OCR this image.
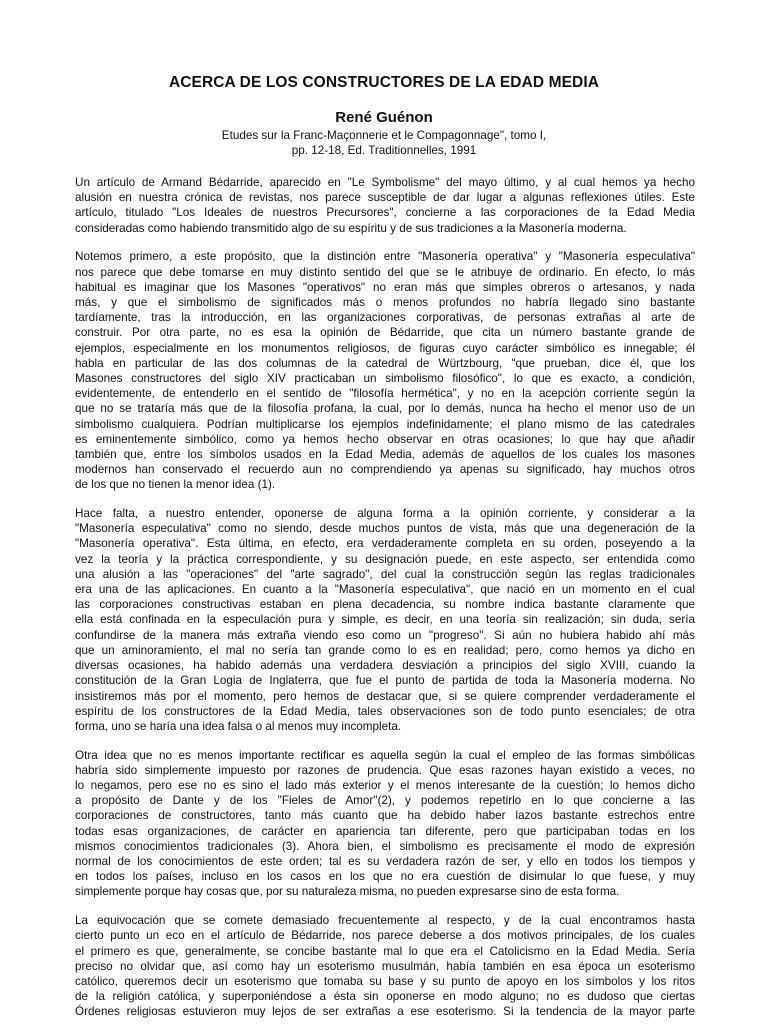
ACERCA DE LOS CONSTRUCTORES DE LA EDAD MEDIA
René Guénon
Etudes sur la Franc-Maçonnerie et le Compagonnage", tomo I,
pp. 12-18, Ed. Traditionnelles, 1991

Un artículo de Armand Bédarride, aparecido en "Le Symbolisme" del mayo último, y al cual hemos ya hecho
alusión en nuestra crónica de revistas, nos parece susceptible de dar lugar a algunas reflexiones útiles. Este
artículo, titulado "Los Ideales de nuestros Precursores", concierne a las corporaciones de la Edad Media
consideradas como habiendo transmitido algo de su espíritu y de sus tradiciones a la Masonería moderna.

Notemos primero, a este propósito, que la distinción entre "Masonería operativa" y "Masonería especulativa"
nos parece que debe tomarse en muy distinto sentido del que se le atribuye de ordinario. En efecto, lo más
habitual es imaginar que los Masones "operativos" no eran más que simples obreros o artesanos, y nada
más, y que el simbolismo de significados más o menos profundos no habría llegado sino bastante
tardíamente, tras la introducción, en las organizaciones corporativas, de personas extrañas al arte de
construir. Por otra parte, no es esa la opinión de Bédarride, que cita un número bastante grande de
ejemplos, especialmente en los monumentos religiosos, de figuras cuyo carácter simbólico es innegable; él
habla en particular de las dos columnas de la catedral de Würtzbourg, "que prueban, dice él, que los
Masones constructores del siglo XIV practicaban un simbolismo filosófico", lo que es exacto, a condición,
evidentemente, de entenderlo en el sentido de "filosofía hermética", y no en la acepción corriente según la
que no se trataría más que de la filosofía profana, la cual, por lo demás, nunca ha hecho el menor uso de un
simbolismo cualquiera. Podrían multiplicarse los ejemplos indefinidamente; el plano mismo de las catedrales
es eminentemente simbólico, como ya hemos hecho observar en otras ocasiones; lo que hay que añadir
también que, entre los símbolos usados en la Edad Media, además de aquellos de los cuales los masones
modernos han conservado el recuerdo aun no comprendiendo ya apenas su significado, hay muchos otros
de los que no tienen la menor idea (1).

Hace falta, a nuestro entender, oponerse de alguna forma a la opinión corriente, y considerar a la
"Masonería especulativa" como no siendo, desde muchos puntos de vista, más que una degeneración de la
"Masonería operativa". Esta última, en efecto, era verdaderamente completa en su orden, poseyendo a la
vez la teoría y la práctica correspondiente, y su designación puede, en este aspecto, ser entendida como
una alusión a las "operaciones" del "arte sagrado", del cual la construcción según las reglas tradicionales
era una de las aplicaciones. En cuanto a la "Masonería especulativa", que nació en un momento en el cual
las corporaciones constructivas estaban en plena decadencia, su nombre indica bastante claramente que
ella está confinada en la especulación pura y simple, es decir, en una teoría sin realización; sin duda, sería
confundirse de la manera más extraña viendo eso como un "progreso". Si aún no hubiera habido ahí más
que un aminoramiento, el mal no sería tan grande como lo es en realidad; pero, como hemos ya dicho en
diversas ocasiones, ha habido además una verdadera desviación a principios del siglo XVIII, cuando la
constitución de la Gran Logia de Inglaterra, que fue el punto de partida de toda la Masonería moderna. No
insistiremos más por el momento, pero hemos de destacar que, si se quiere comprender verdaderamente el
espíritu de los constructores de la Edad Media, tales observaciones son de todo punto esenciales; de otra
forma, uno se haría una idea falsa o al menos muy incompleta.

Otra idea que no es menos importante rectificar es aquella según la cual el empleo de las formas simbólicas
habría sido simplemente impuesto por razones de prudencia. Que esas razones hayan existido a veces, no
lo negamos, pero ese no es sino el lado más exterior y el menos interesante de la cuestión; lo hemos dicho
a propósito de Dante y de los "Fieles de Amor"(2), y podemos repetirlo en lo que concierne a las
corporaciones de constructores, tanto más cuanto que ha debido haber lazos bastante estrechos entre
todas esas organizaciones, de carácter en apariencia tan diferente, pero que participaban todas en los
mismos conocimientos tradicionales (3). Ahora bien, el simbolismo es precisamente el modo de expresión
normal de los conocimientos de este orden; tal es su verdadera razón de ser, y ello en todos los tiempos y
en todos los países, incluso en los casos en los que no era cuestión de disimular lo que fuese, y muy
simplemente porque hay cosas que, por su naturaleza misma, no pueden expresarse sino de esta forma.

La equivocación que se comete demasiado frecuentemente al respecto, y de la cual encontramos hasta
cierto punto un eco en el artículo de Bédarride, nos parece deberse a dos motivos principales, de los cuales
el primero es que, generalmente, se concibe bastante mal lo que era el Catolicismo en la Edad Media. Sería
preciso no olvidar que, así como hay un esoterismo musulmán, había también en esa época un esoterismo
católico, queremos decir un esoterismo que tomaba su base y su punto de apoyo en los símbolos y los ritos
de la religión católica, y superponiéndose a ésta sin oponerse en modo alguno; no es dudoso que ciertas
Órdenes religiosas estuvieron muy lejos de ser extrañas a ese esoterismo. Si la tendencia de la mayor parte
